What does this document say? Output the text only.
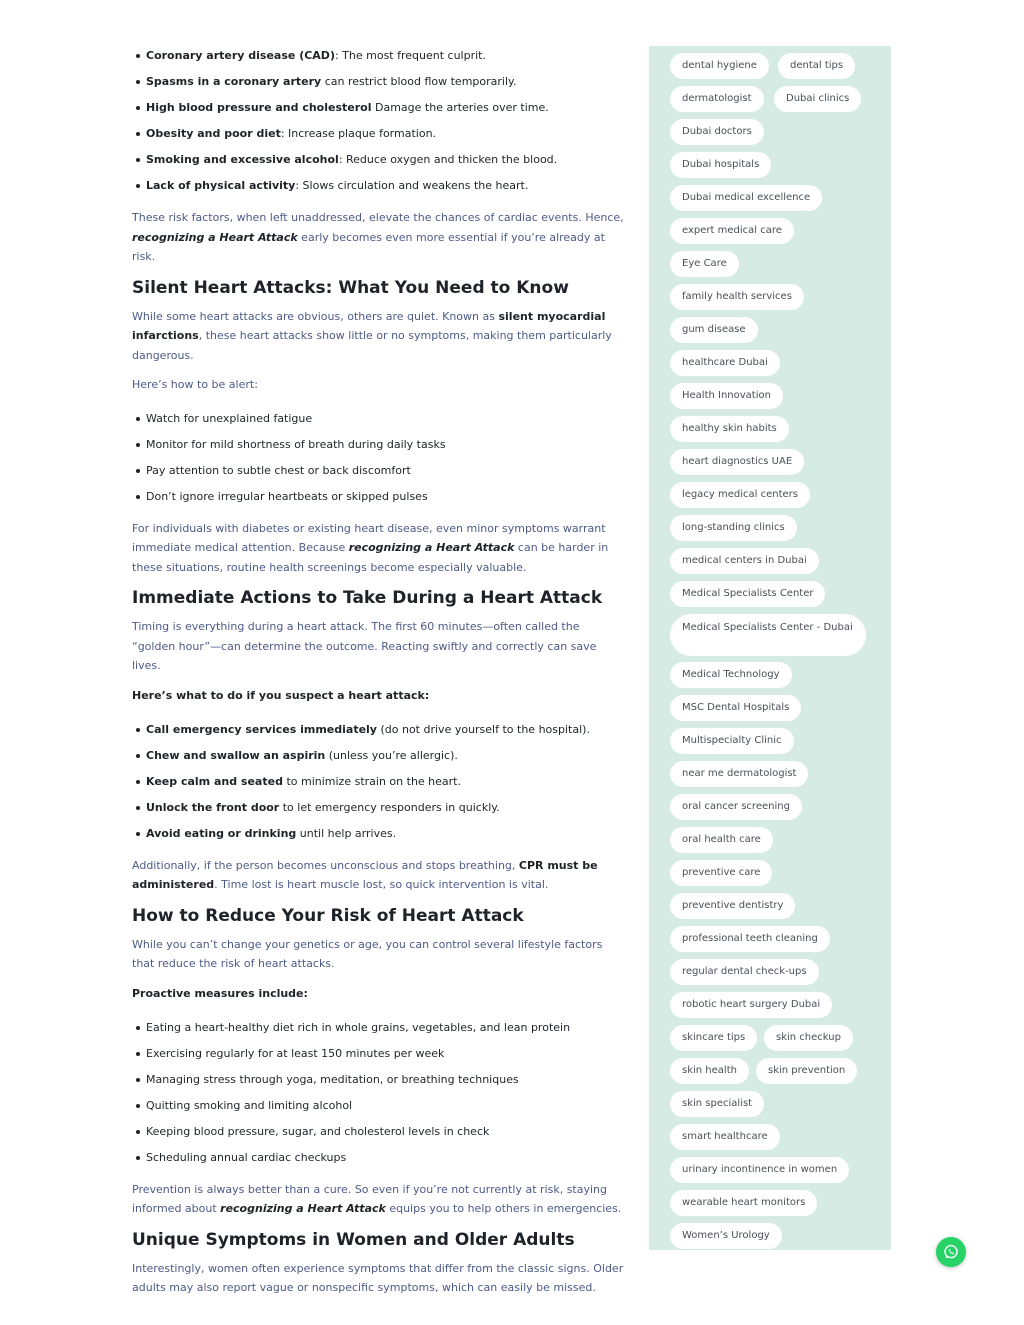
Coronary artery disease (CAD): The most frequent culprit.
Spasms in a coronary artery can restrict blood flow temporarily.
High blood pressure and cholesterol Damage the arteries over time.
Obesity and poor diet: Increase plaque formation.
Smoking and excessive alcohol: Reduce oxygen and thicken the blood.
Lack of physical activity: Slows circulation and weakens the heart.

These risk factors, when left unaddressed, elevate the chances of cardiac events. Hence, recognizing a Heart Attack early becomes even more essential if you’re already at risk.

Silent Heart Attacks: What You Need to Know

While some heart attacks are obvious, others are quiet. Known as silent myocardial infarctions, these heart attacks show little or no symptoms, making them particularly dangerous.

Here’s how to be alert:

Watch for unexplained fatigue
Monitor for mild shortness of breath during daily tasks
Pay attention to subtle chest or back discomfort
Don’t ignore irregular heartbeats or skipped pulses

For individuals with diabetes or existing heart disease, even minor symptoms warrant immediate medical attention. Because recognizing a Heart Attack can be harder in these situations, routine health screenings become especially valuable.

Immediate Actions to Take During a Heart Attack

Timing is everything during a heart attack. The first 60 minutes—often called the “golden hour”—can determine the outcome. Reacting swiftly and correctly can save lives.

Here’s what to do if you suspect a heart attack:

Call emergency services immediately (do not drive yourself to the hospital).
Chew and swallow an aspirin (unless you’re allergic).
Keep calm and seated to minimize strain on the heart.
Unlock the front door to let emergency responders in quickly.
Avoid eating or drinking until help arrives.

Additionally, if the person becomes unconscious and stops breathing, CPR must be administered. Time lost is heart muscle lost, so quick intervention is vital.

How to Reduce Your Risk of Heart Attack

While you can’t change your genetics or age, you can control several lifestyle factors that reduce the risk of heart attacks.

Proactive measures include:

Eating a heart-healthy diet rich in whole grains, vegetables, and lean protein
Exercising regularly for at least 150 minutes per week
Managing stress through yoga, meditation, or breathing techniques
Quitting smoking and limiting alcohol
Keeping blood pressure, sugar, and cholesterol levels in check
Scheduling annual cardiac checkups

Prevention is always better than a cure. So even if you’re not currently at risk, staying informed about recognizing a Heart Attack equips you to help others in emergencies.

Unique Symptoms in Women and Older Adults

Interestingly, women often experience symptoms that differ from the classic signs. Older adults may also report vague or nonspecific symptoms, which can easily be missed.

dental hygiene	dental tips
dermatologist	Dubai clinics
Dubai doctors
Dubai hospitals
Dubai medical excellence
expert medical care
Eye Care
family health services
gum disease
healthcare Dubai
Health Innovation
healthy skin habits
heart diagnostics UAE
legacy medical centers
long-standing clinics
medical centers in Dubai
Medical Specialists Center
Medical Specialists Center - Dubai
Medical Technology
MSC Dental Hospitals
Multispecialty Clinic
near me dermatologist
oral cancer screening
oral health care
preventive care
preventive dentistry
professional teeth cleaning
regular dental check-ups
robotic heart surgery Dubai
skincare tips	skin checkup
skin health	skin prevention
skin specialist
smart healthcare
urinary incontinence in women
wearable heart monitors
Women’s Urology
